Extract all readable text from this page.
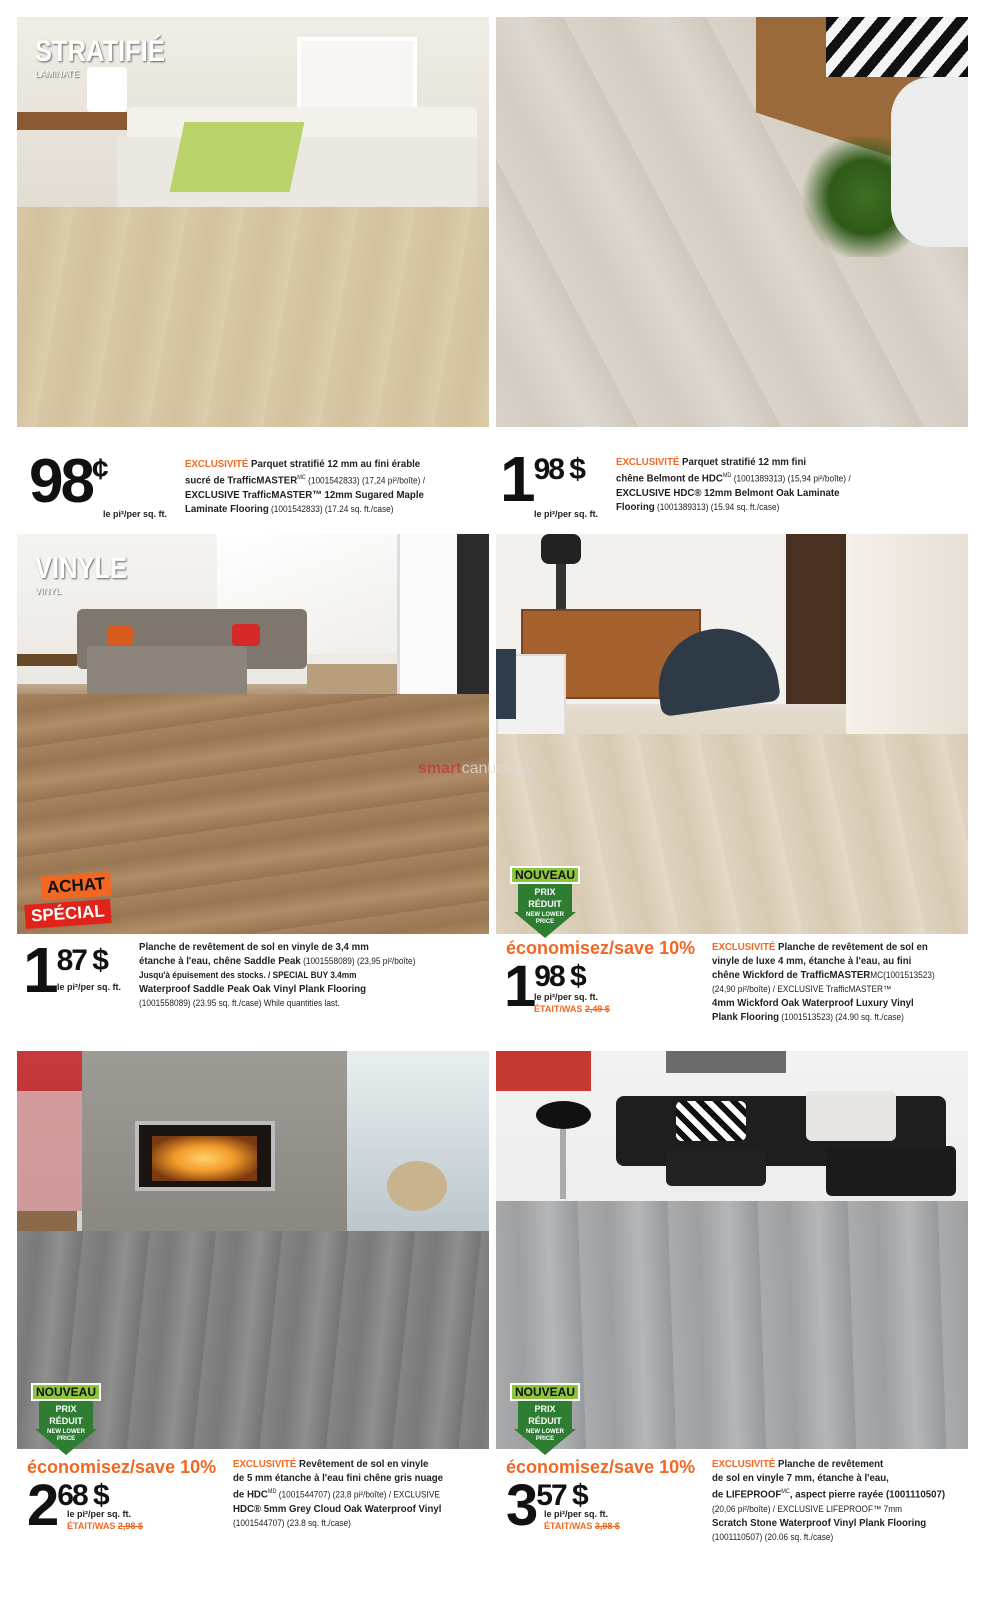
STRATIFIÉ
LAMINATE
98¢
le pi²/per sq. ft.
EXCLUSIVITÉ Parquet stratifié 12 mm au fini érable
sucré de TrafficMASTER$^{MC}$ (1001542833) (17,24 pi²/boîte) /
EXCLUSIVE TrafficMASTER™ 12mm Sugared Maple
Laminate Flooring (1001542833) (17.24 sq. ft./case)	$1^{98 \$}$
le pi²/per sq. ft.
EXCLUSIVITÉ Parquet stratifié 12 mm fini
chêne Belmont de $HDC^{MD}$ (1001389313) (15,94 pi²/boîte) /
EXCLUSIVE HDC® 12mm Belmont Oak Laminate
Flooring (1001389313) (15.94 sq. ft./case)
VINYLE
VINYL
ACHAT
SPÉCIAL
$1^{87 \$}$
le pi²/per sq. ft.
Planche de revêtement de sol en vinyle de 3,4 mm
étanche à l'eau, chêne Saddle Peak (1001558089) (23,95 pi²/boîte)
Jusqu'à épuisement des stocks. / SPECIAL BUY 3.4mm
Waterproof Saddle Peak Oak Vinyl Plank Flooring
(1001558089) (23.95 sq. ft./case) While quantities last.
NOUVEAU
PRIX RÉDUIT
NEW LOWER PRICE
économisez/save 10%
$1^{98 \$}$
le pi²/per sq. ft.
ÉTAIT/WAS 2,49 $
EXCLUSIVITÉ Planche de revêtement de sol en
vinyle de luxe 4 mm, étanche à l'eau, au fini
chêne Wickford de TrafficMASTERMC(1001513523)
(24,90 pi²/boîte) / EXCLUSIVE TrafficMASTER™
4mm Wickford Oak Waterproof Luxury Vinyl
Plank Flooring (1001513523) (24.90 sq. ft./case)
smartcanucks.ca
NOUVEAU
PRIX RÉDUIT
NEW LOWER PRICE
économisez/save 10%
$2^{68 \$}$
le pi²/per sq. ft.
ÉTAIT/WAS 2,98 $
EXCLUSIVITÉ Revêtement de sol en vinyle
de 5 mm étanche à l'eau fini chêne gris nuage
de $HDC^{MD}$ (1001544707) (23,8 pi²/boîte) / EXCLUSIVE
HDC® 5mm Grey Cloud Oak Waterproof Vinyl
(1001544707) (23.8 sq. ft./case)
NOUVEAU
PRIX RÉDUIT
NEW LOWER PRICE
économisez/save 10%
$3^{57 \$}$
le pi²/per sq. ft.
ÉTAIT/WAS 3,98 $
EXCLUSIVITÉ Planche de revêtement
de sol en vinyle 7 mm, étanche à l'eau,
de $LIFEPROOF^{MC}$, aspect pierre rayée (1001110507)
(20,06 pi²/boîte) / EXCLUSIVE LIFEPROOF™ 7mm
Scratch Stone Waterproof Vinyl Plank Flooring
(1001110507) (20.06 sq. ft./case)
